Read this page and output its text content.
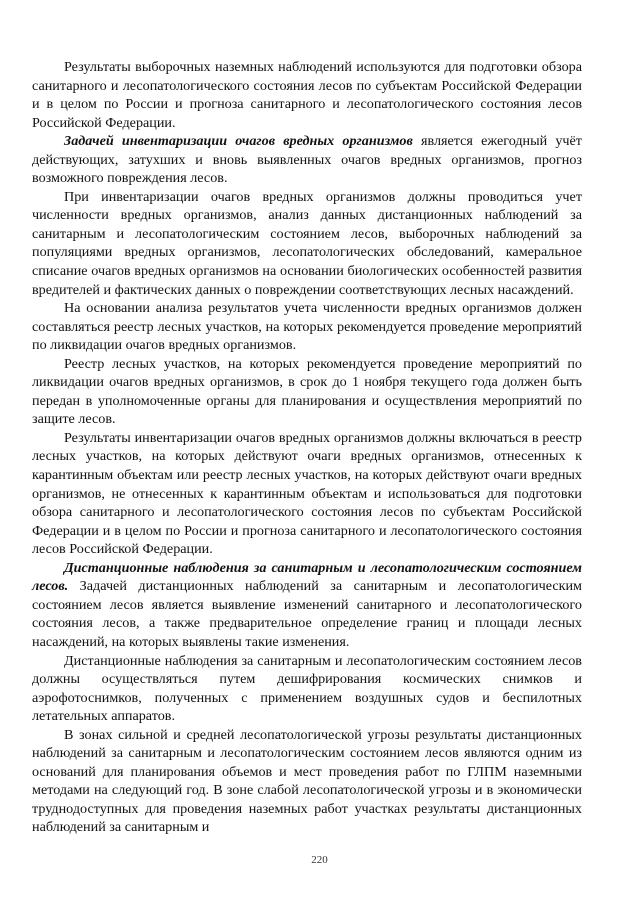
Результаты выборочных наземных наблюдений используются для подготовки обзора санитарного и лесопатологического состояния лесов по субъектам Российской Федерации и в целом по России и прогноза санитарного и лесопатологического состояния лесов Российской Федерации.

Задачей инвентаризации очагов вредных организмов является ежегодный учёт действующих, затухших и вновь выявленных очагов вредных организмов, прогноз возможного повреждения лесов.

При инвентаризации очагов вредных организмов должны проводиться учет численности вредных организмов, анализ данных дистанционных наблюдений за санитарным и лесопатологическим состоянием лесов, выборочных наблюдений за популяциями вредных организмов, лесопатологических обследований, камеральное списание очагов вредных организмов на основании биологических особенностей развития вредителей и фактических данных о повреждении соответствующих лесных насаждений.

На основании анализа результатов учета численности вредных организмов должен составляться реестр лесных участков, на которых рекомендуется проведение мероприятий по ликвидации очагов вредных организмов.

Реестр лесных участков, на которых рекомендуется проведение мероприятий по ликвидации очагов вредных организмов, в срок до 1 ноября текущего года должен быть передан в уполномоченные органы для планирования и осуществления мероприятий по защите лесов.

Результаты инвентаризации очагов вредных организмов должны включаться в реестр лесных участков, на которых действуют очаги вредных организмов, отнесенных к карантинным объектам или реестр лесных участков, на которых действуют очаги вредных организмов, не отнесенных к карантинным объектам и использоваться для подготовки обзора санитарного и лесопатологического состояния лесов по субъектам Российской Федерации и в целом по России и прогноза санитарного и лесопатологического состояния лесов Российской Федерации.

Дистанционные наблюдения за санитарным и лесопатологическим состоянием лесов. Задачей дистанционных наблюдений за санитарным и лесопатологическим состоянием лесов является выявление изменений санитарного и лесопатологического состояния лесов, а также предварительное определение границ и площади лесных насаждений, на которых выявлены такие изменения.

Дистанционные наблюдения за санитарным и лесопатологическим состоянием лесов должны осуществляться путем дешифрирования космических снимков и аэрофотоснимков, полученных с применением воздушных судов и беспилотных летательных аппаратов.

В зонах сильной и средней лесопатологической угрозы результаты дистанционных наблюдений за санитарным и лесопатологическим состоянием лесов являются одним из оснований для планирования объемов и мест проведения работ по ГЛПМ наземными методами на следующий год. В зоне слабой лесопатологической угрозы и в экономически труднодоступных для проведения наземных работ участках результаты дистанционных наблюдений за санитарным и

220
